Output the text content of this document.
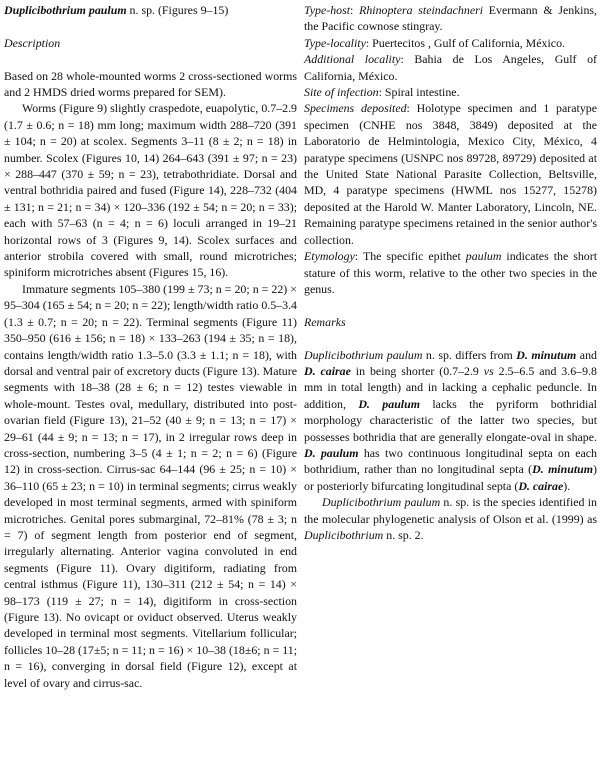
Duplicibothrium paulum n. sp. (Figures 9–15)

Description

Based on 28 whole-mounted worms 2 cross-sectioned worms and 2 HMDS dried worms prepared for SEM).

Worms (Figure 9) slightly craspedote, euapolytic, 0.7–2.9 (1.7 ± 0.6; n = 18) mm long; maximum width 288–720 (391 ± 104; n = 20) at scolex. Segments 3–11 (8 ± 2; n = 18) in number. Scolex (Figures 10, 14) 264–643 (391 ± 97; n = 23) × 288–447 (370 ± 59; n = 23), tetrabothridiate. Dorsal and ventral bothridia paired and fused (Figure 14), 228–732 (404 ± 131; n = 21; n = 34) × 120–336 (192 ± 54; n = 20; n = 33); each with 57–63 (n = 4; n = 6) loculi arranged in 19–21 horizontal rows of 3 (Figures 9, 14). Scolex surfaces and anterior strobila covered with small, round microtriches; spiniform microtriches absent (Figures 15, 16).

Immature segments 105–380 (199 ± 73; n = 20; n = 22) × 95–304 (165 ± 54; n = 20; n = 22); length/width ratio 0.5–3.4 (1.3 ± 0.7; n = 20; n = 22). Terminal segments (Figure 11) 350–950 (616 ± 156; n = 18) × 133–263 (194 ± 35; n = 18), contains length/width ratio 1.3–5.0 (3.3 ± 1.1; n = 18), with dorsal and ventral pair of excretory ducts (Figure 13). Mature segments with 18–38 (28 ± 6; n = 12) testes viewable in whole-mount. Testes oval, medullary, distributed into post-ovarian field (Figure 13), 21–52 (40 ± 9; n = 13; n = 17) × 29–61 (44 ± 9; n = 13; n = 17), in 2 irregular rows deep in cross-section, numbering 3–5 (4 ± 1; n = 2; n = 6) (Figure 12) in cross-section. Cirrus-sac 64–144 (96 ± 25; n = 10) × 36–110 (65 ± 23; n = 10) in terminal segments; cirrus weakly developed in most terminal segments, armed with spiniform microtriches. Genital pores submarginal, 72–81% (78 ± 3; n = 7) of segment length from posterior end of segment, irregularly alternating. Anterior vagina convoluted in end segments (Figure 11). Ovary digitiform, radiating from central isthmus (Figure 11), 130–311 (212 ± 54; n = 14) × 98–173 (119 ± 27; n = 14), digitiform in cross-section (Figure 13). No ovicapt or oviduct observed. Uterus weakly developed in terminal most segments. Vitellarium follicular; follicles 10–28 (17±5; n = 11; n = 16) × 10–38 (18±6; n = 11; n = 16), converging in dorsal field (Figure 12), except at level of ovary and cirrus-sac.

Type-host: Rhinoptera steindachneri Evermann & Jenkins, the Pacific cownose stingray.

Type-locality: Puertecitos , Gulf of California, México.

Additional locality: Bahia de Los Angeles, Gulf of California, México.

Site of infection: Spiral intestine.

Specimens deposited: Holotype specimen and 1 paratype specimen (CNHE nos 3848, 3849) deposited at the Laboratorio de Helmintologia, Mexico City, México, 4 paratype specimens (USNPC nos 89728, 89729) deposited at the United State National Parasite Collection, Beltsville, MD, 4 paratype specimens (HWML nos 15277, 15278) deposited at the Harold W. Manter Laboratory, Lincoln, NE. Remaining paratype specimens retained in the senior author's collection.

Etymology: The specific epithet paulum indicates the short stature of this worm, relative to the other two species in the genus.

Remarks

Duplicibothrium paulum n. sp. differs from D. minutum and D. cairae in being shorter (0.7–2.9 vs 2.5–6.5 and 3.6–9.8 mm in total length) and in lacking a cephalic peduncle. In addition, D. paulum lacks the pyriform bothridial morphology characteristic of the latter two species, but possesses bothridia that are generally elongate-oval in shape. D. paulum has two continuous longitudinal septa on each bothridium, rather than no longitudinal septa (D. minutum) or posteriorly bifurcating longitudinal septa (D. cairae).

Duplicibothrium paulum n. sp. is the species identified in the molecular phylogenetic analysis of Olson et al. (1999) as Duplicibothrium n. sp. 2.
